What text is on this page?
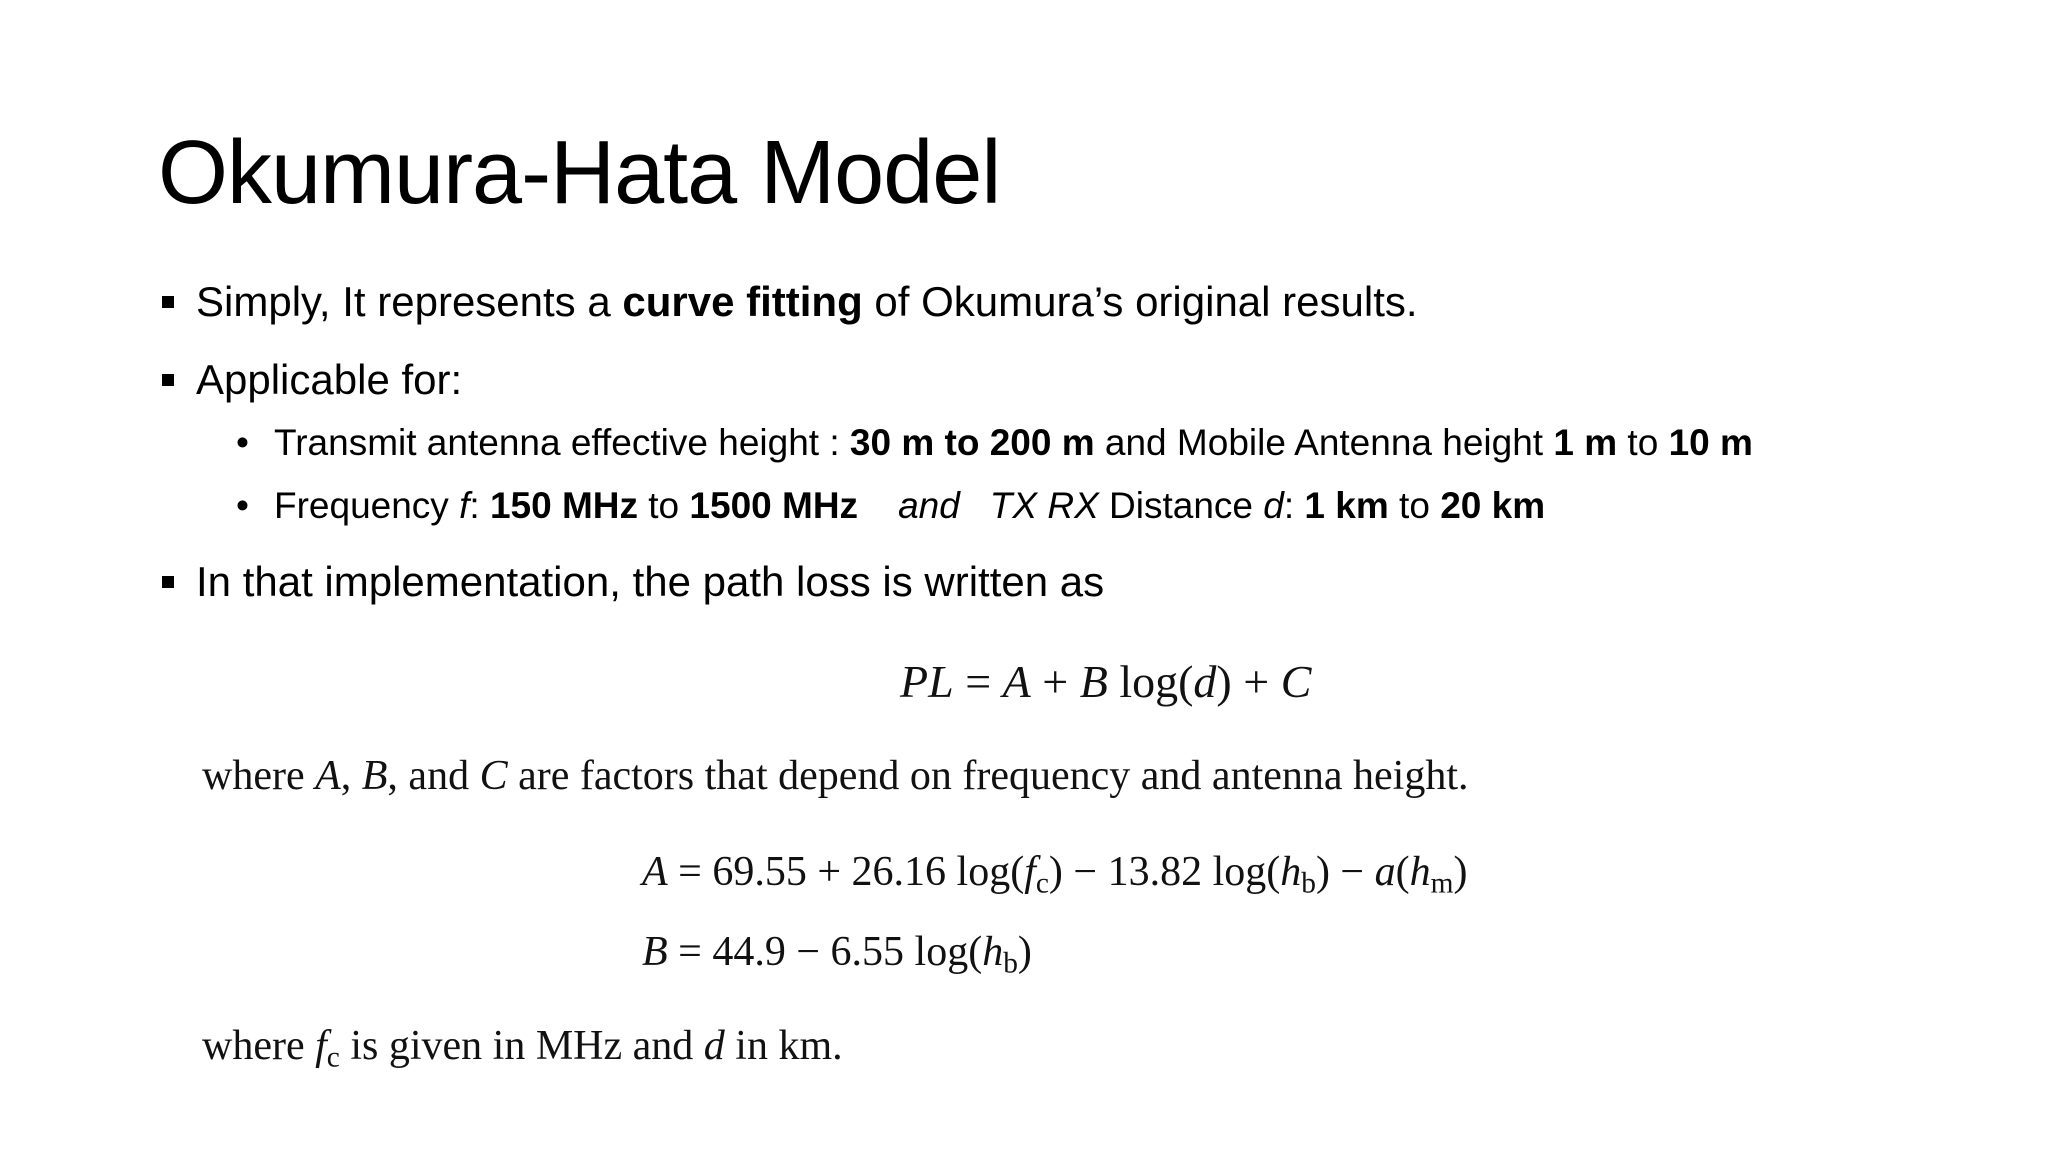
Okumura-Hata Model
Simply, It represents a curve fitting of Okumura’s original results.
Applicable for:
• Transmit antenna effective height : 30 m to 200 m and Mobile Antenna height 1 m to 10 m
• Frequency f: 150 MHz to 1500 MHz and TX RX Distance d: 1 km to 20 km
In that implementation, the path loss is written as
PL = A + B log(d) + C
where A, B, and C are factors that depend on frequency and antenna height.
A = 69.55 + 26.16 $\log(f_c) - 13.82$ $\log(h_b) - a(h_m)$
B = 44.9 − 6.55 $\log(h_b)$
where $f_c$ is given in MHz and d in km.
